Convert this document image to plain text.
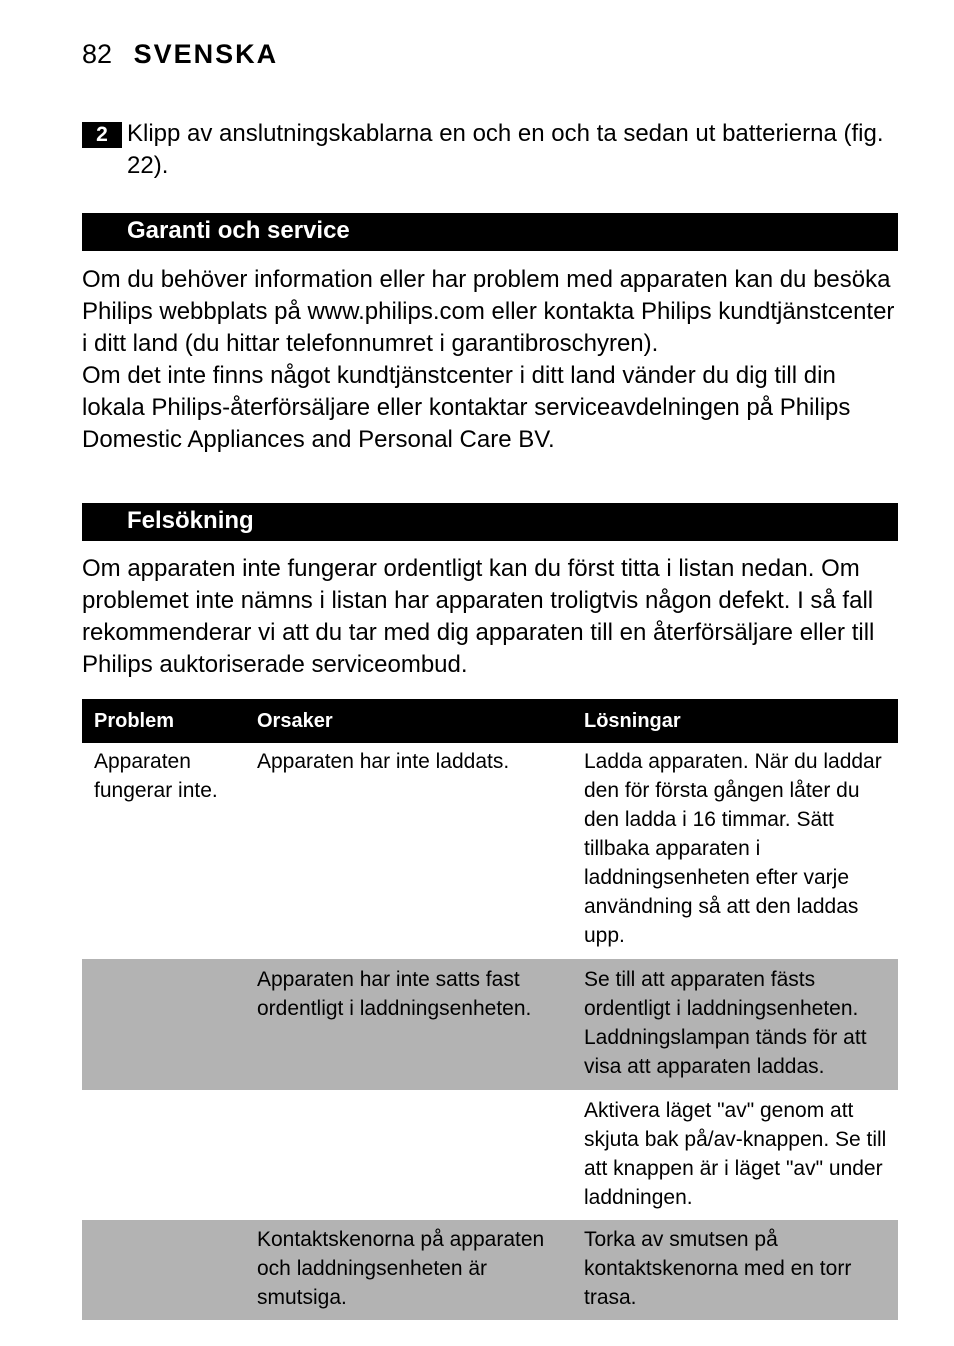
82 SVENSKA
2 Klipp av anslutningskablarna en och en och ta sedan ut batterierna (fig. 22).
Garanti och service

Om du behöver information eller har problem med apparaten kan du besöka Philips webbplats på www.philips.com eller kontakta Philips kundtjänstcenter i ditt land (du hittar telefonnumret i garantibroschyren).

Om det inte finns något kundtjänstcenter i ditt land vänder du dig till din lokala Philips-återförsäljare eller kontaktar serviceavdelningen på Philips Domestic Appliances and Personal Care BV.

Felsökning
Om apparaten inte fungerar ordentligt kan du först titta i listan nedan. Om problemet inte nämns i listan har apparaten troligtvis någon defekt. I så fall rekommenderar vi att du tar med dig apparaten till en återförsäljare eller till Philips auktoriserade serviceombud.
Problem	Orsaker	Lösningar
Apparaten fungerar inte.	Apparaten har inte laddats.	Ladda apparaten. När du laddar den för första gången låter du den ladda i 16 timmar. Sätt tillbaka apparaten i laddningsenheten efter varje användning så att den laddas upp.
	Apparaten har inte satts fast ordentligt i laddningsenheten.	Se till att apparaten fästs ordentligt i laddningsenheten. Laddningslampan tänds för att visa att apparaten laddas.
		Aktivera läget "av" genom att skjuta bak på/av-knappen. Se till att knappen är i läget "av" under laddningen.
	Kontaktskenorna på apparaten och laddningsenheten är smutsiga.	Torka av smutsen på kontaktskenorna med en torr trasa.
